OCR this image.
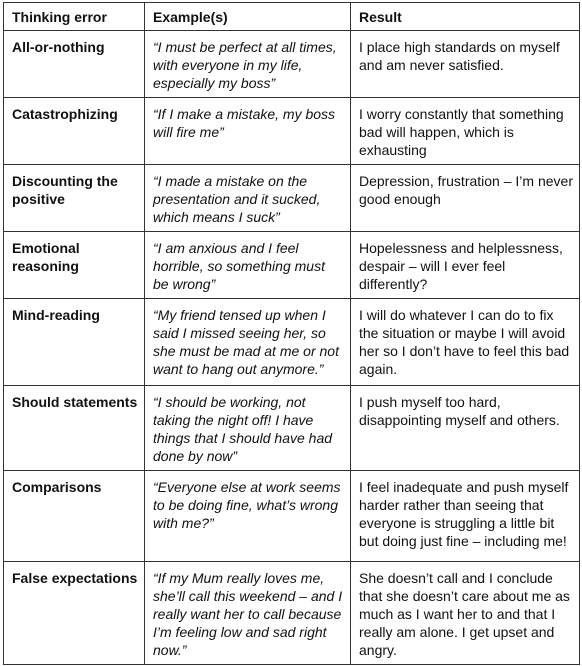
Thinking error	Example(s)	Result
All-or-nothing	“I must be perfect at all times, with everyone in my life, especially my boss”	I place high standards on myself and am never satisfied.
Catastrophizing	“If I make a mistake, my boss will fire me”	I worry constantly that something bad will happen, which is exhausting
Discounting the positive	“I made a mistake on the presentation and it sucked, which means I suck”	Depression, frustration – I’m never good enough
Emotional reasoning	“I am anxious and I feel horrible, so something must be wrong”	Hopelessness and helplessness, despair – will I ever feel differently?
Mind-reading	“My friend tensed up when I said I missed seeing her, so she must be mad at me or not want to hang out anymore.”	I will do whatever I can do to fix the situation or maybe I will avoid her so I don’t have to feel this bad again.
Should statements	“I should be working, not taking the night off! I have things that I should have had done by now”	I push myself too hard, disappointing myself and others.
Comparisons	“Everyone else at work seems to be doing fine, what’s wrong with me?”	I feel inadequate and push myself harder rather than seeing that everyone is struggling a little bit but doing just fine – including me!
False expectations	“If my Mum really loves me, she’ll call this weekend – and I really want her to call because I’m feeling low and sad right now.”	She doesn’t call and I conclude that she doesn’t care about me as much as I want her to and that I really am alone. I get upset and angry.
